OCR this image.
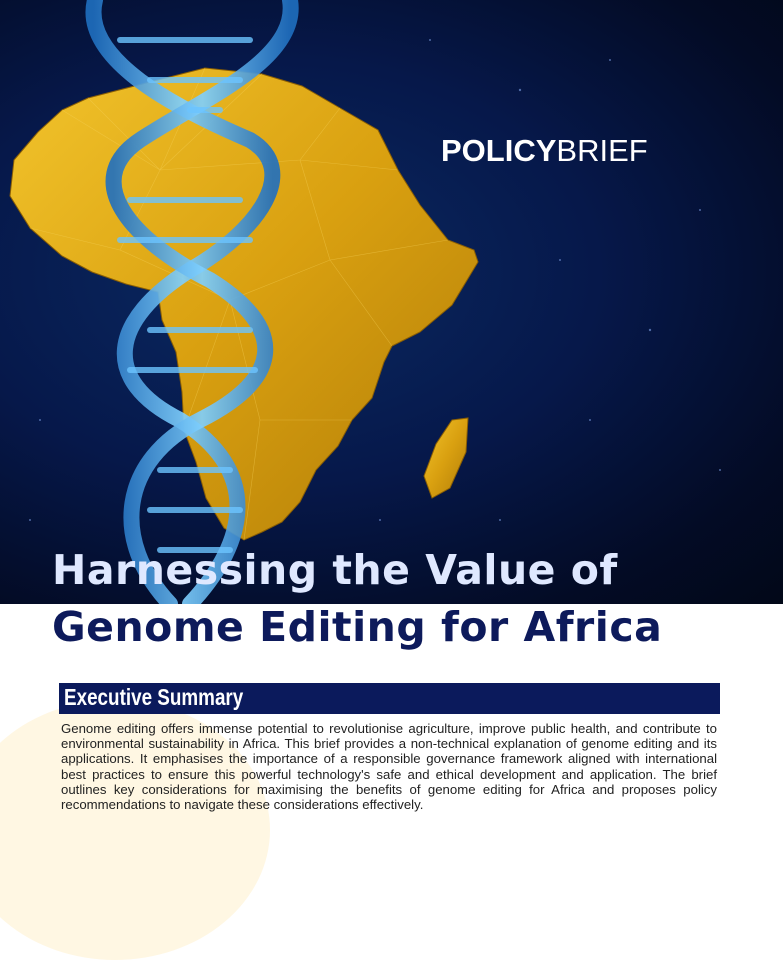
POLICYBRIEF
Harnessing the Value of
Genome Editing for Africa
Executive Summary

Genome editing offers immense potential to revolutionise agriculture, improve public health, and contribute to environmental sustainability in Africa. This brief provides a non-technical explanation of genome editing and its applications. It emphasises the importance of a responsible governance framework aligned with international best practices to ensure this powerful technology's safe and ethical development and application. The brief outlines key considerations for maximising the benefits of genome editing for Africa and proposes policy recommendations to navigate these considerations effectively.
